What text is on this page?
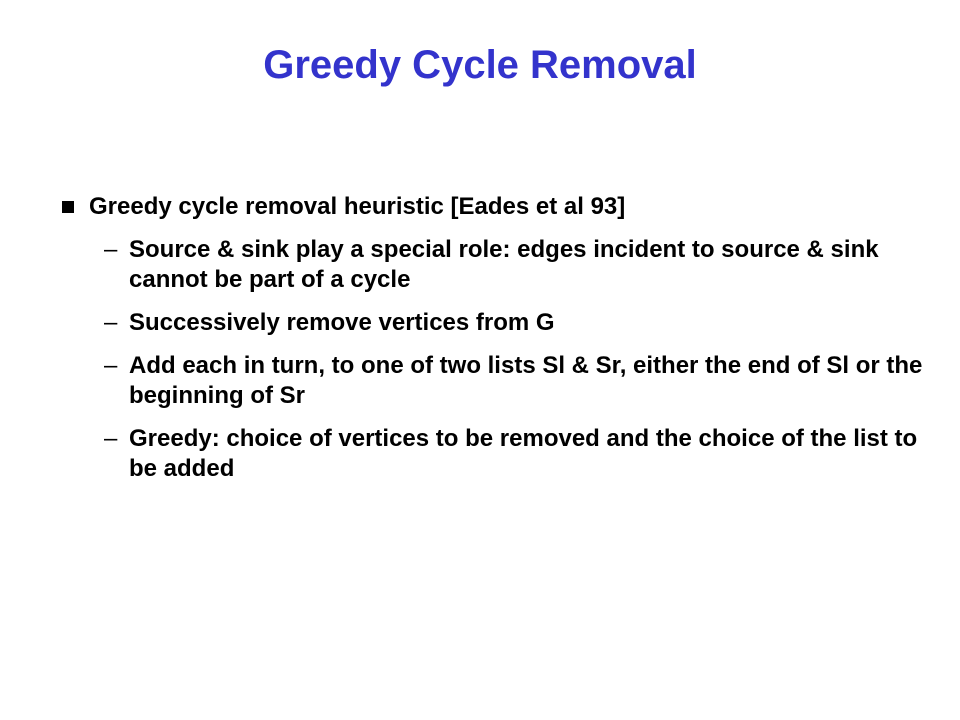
Greedy Cycle Removal
Greedy cycle removal heuristic [Eades et al 93]
– Source & sink play a special role: edges incident to source & sink cannot be part of a cycle
– Successively remove vertices from G
– Add each in turn, to one of two lists Sl & Sr, either the end of Sl or the beginning of Sr
– Greedy: choice of vertices to be removed and the choice of the list to be added
